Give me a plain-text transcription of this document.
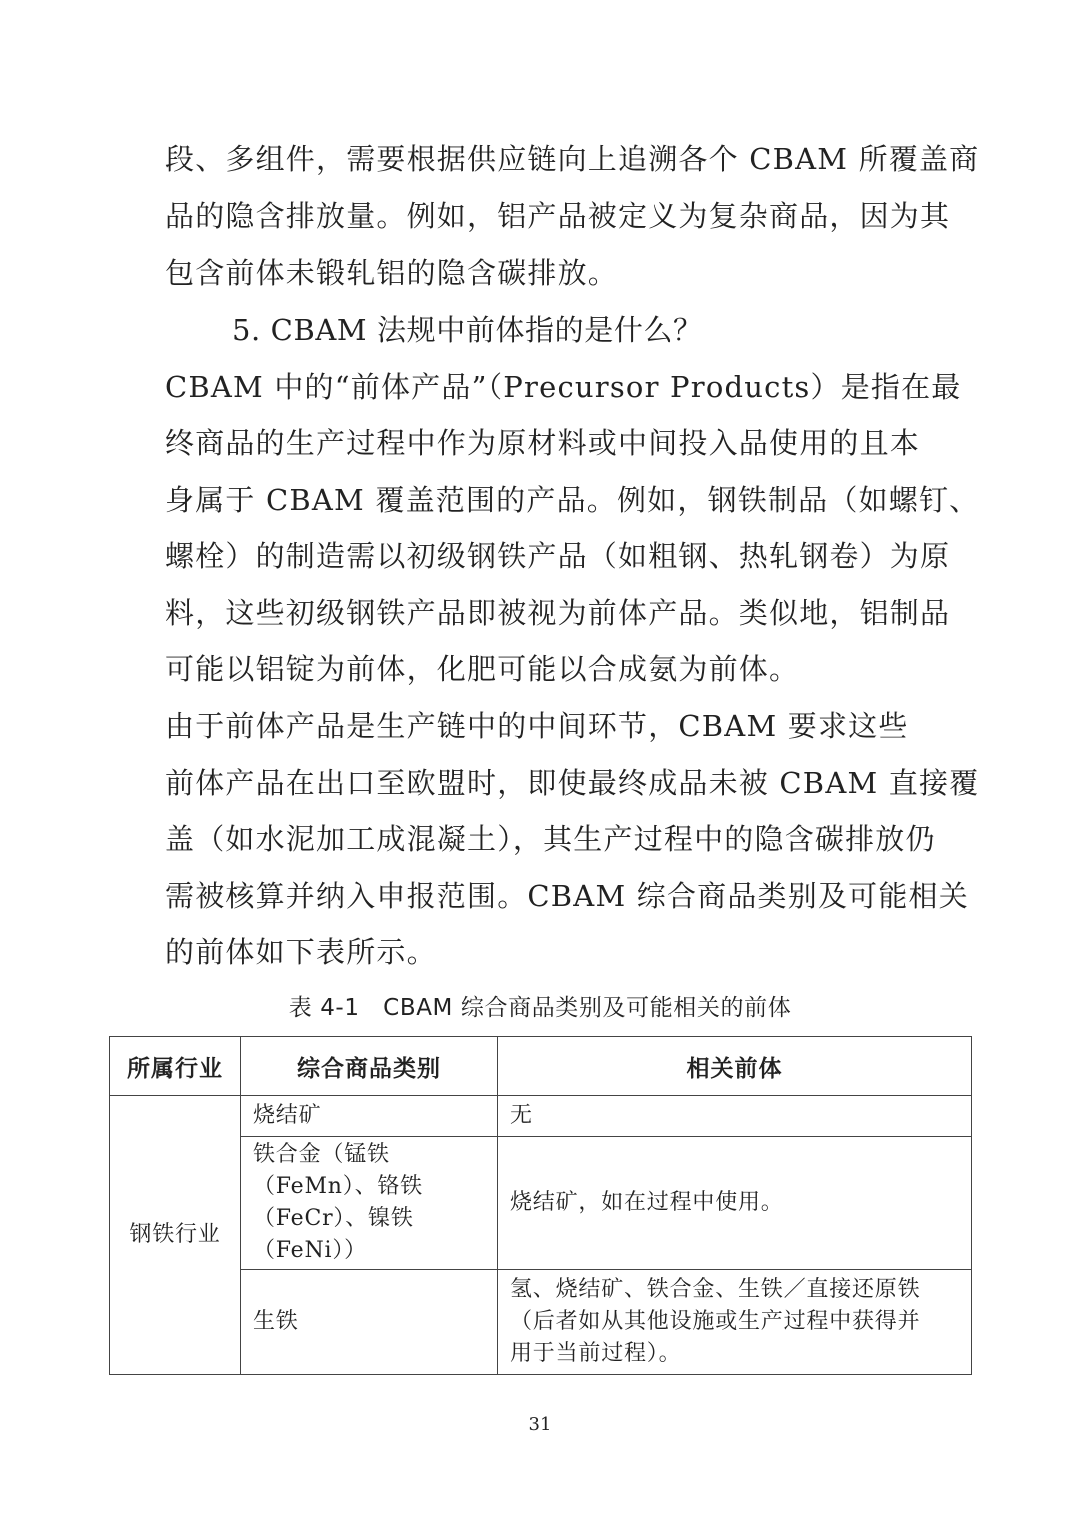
段、多组件，需要根据供应链向上追溯各个 CBAM 所覆盖商
品的隐含排放量。例如，铝产品被定义为复杂商品，因为其
包含前体未锻轧铝的隐含碳排放。
5. CBAM 法规中前体指的是什么？
CBAM 中的“前体产品”（Precursor Products）是指在最
终商品的生产过程中作为原材料或中间投入品使用的且本
身属于 CBAM 覆盖范围的产品。例如，钢铁制品（如螺钉、
螺栓）的制造需以初级钢铁产品（如粗钢、热轧钢卷）为原
料，这些初级钢铁产品即被视为前体产品。类似地，铝制品
可能以铝锭为前体，化肥可能以合成氨为前体。
由于前体产品是生产链中的中间环节，CBAM 要求这些
前体产品在出口至欧盟时，即使最终成品未被 CBAM 直接覆
盖（如水泥加工成混凝土），其生产过程中的隐含碳排放仍
需被核算并纳入申报范围。CBAM 综合商品类别及可能相关
的前体如下表所示。
表 4-1　CBAM 综合商品类别及可能相关的前体
所属行业	综合商品类别	相关前体
钢铁行业	烧结矿	无

	铁合金（锰铁
（FeMn）、铬铁
（FeCr）、镍铁
（FeNi））	烧结矿，如在过程中使用。

	生铁	氢、烧结矿、铁合金、生铁／直接还原铁
（后者如从其他设施或生产过程中获得并
用于当前过程）。
31
